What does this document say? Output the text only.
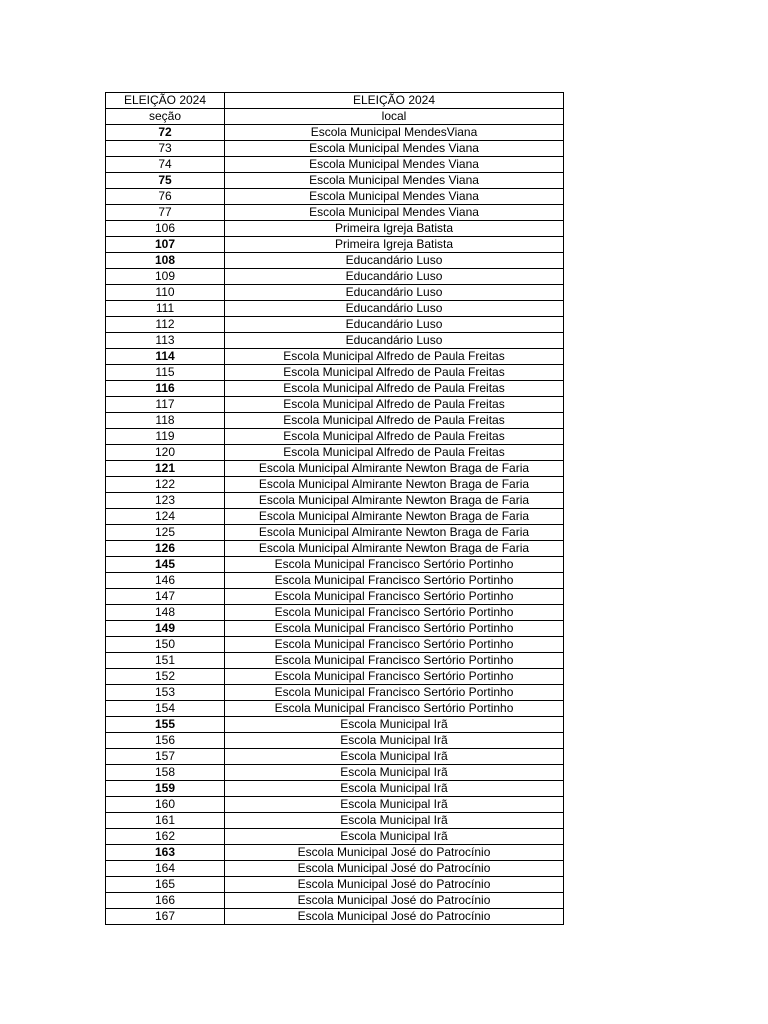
ELEIÇÃO 2024	ELEIÇÃO 2024
seção	local
72	Escola Municipal MendesViana
73	Escola Municipal Mendes Viana
74	Escola Municipal Mendes Viana
75	Escola Municipal Mendes Viana
76	Escola Municipal Mendes Viana
77	Escola Municipal Mendes Viana
106	Primeira Igreja Batista
107	Primeira Igreja Batista
108	Educandário Luso
109	Educandário Luso
110	Educandário Luso
111	Educandário Luso
112	Educandário Luso
113	Educandário Luso
114	Escola Municipal Alfredo de Paula Freitas
115	Escola Municipal Alfredo de Paula Freitas
116	Escola Municipal Alfredo de Paula Freitas
117	Escola Municipal Alfredo de Paula Freitas
118	Escola Municipal Alfredo de Paula Freitas
119	Escola Municipal Alfredo de Paula Freitas
120	Escola Municipal Alfredo de Paula Freitas
121	Escola Municipal Almirante Newton Braga de Faria
122	Escola Municipal Almirante Newton Braga de Faria
123	Escola Municipal Almirante Newton Braga de Faria
124	Escola Municipal Almirante Newton Braga de Faria
125	Escola Municipal Almirante Newton Braga de Faria
126	Escola Municipal Almirante Newton Braga de Faria
145	Escola Municipal Francisco Sertório Portinho
146	Escola Municipal Francisco Sertório Portinho
147	Escola Municipal Francisco Sertório Portinho
148	Escola Municipal Francisco Sertório Portinho
149	Escola Municipal Francisco Sertório Portinho
150	Escola Municipal Francisco Sertório Portinho
151	Escola Municipal Francisco Sertório Portinho
152	Escola Municipal Francisco Sertório Portinho
153	Escola Municipal Francisco Sertório Portinho
154	Escola Municipal Francisco Sertório Portinho
155	Escola Municipal Irã
156	Escola Municipal Irã
157	Escola Municipal Irã
158	Escola Municipal Irã
159	Escola Municipal Irã
160	Escola Municipal Irã
161	Escola Municipal Irã
162	Escola Municipal Irã
163	Escola Municipal José do Patrocínio
164	Escola Municipal José do Patrocínio
165	Escola Municipal José do Patrocínio
166	Escola Municipal José do Patrocínio
167	Escola Municipal José do Patrocínio
